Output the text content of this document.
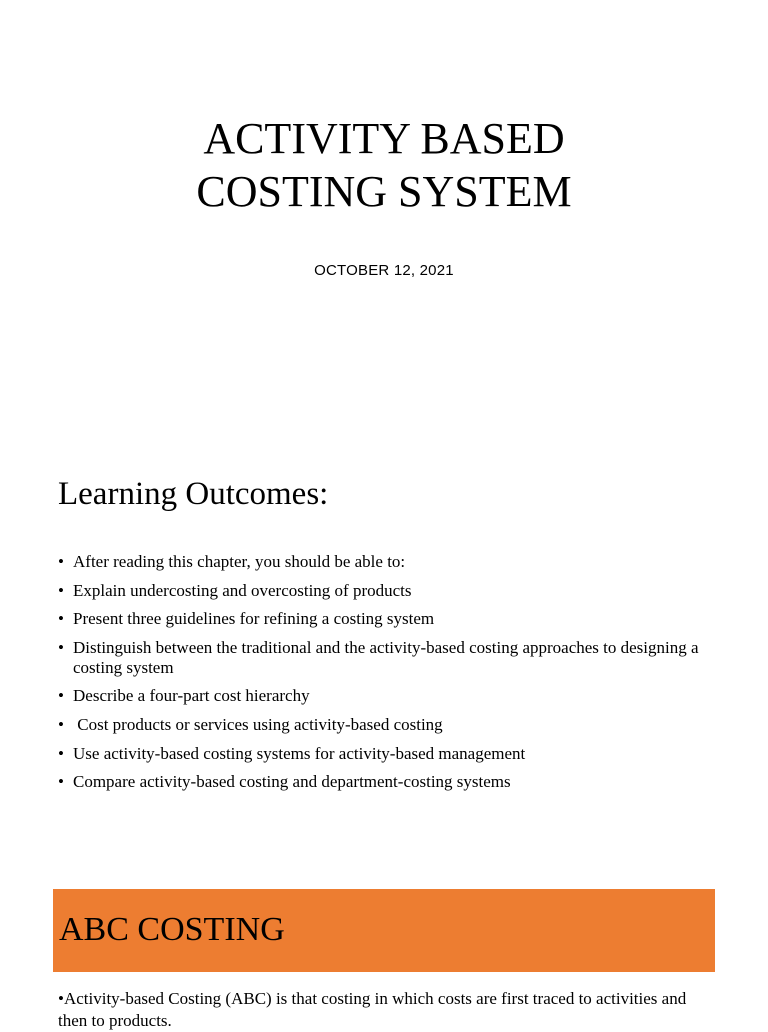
ACTIVITY BASED
COSTING SYSTEM
OCTOBER 12, 2021
Learning Outcomes:
• After reading this chapter, you should be able to:
• Explain undercosting and overcosting of products
• Present three guidelines for refining a costing system
• Distinguish between the traditional and the activity-based costing approaches to designing a costing system
• Describe a four-part cost hierarchy
•  Cost products or services using activity-based costing
• Use activity-based costing systems for activity-based management
• Compare activity-based costing and department-costing systems
ABC COSTING

•Activity-based Costing (ABC) is that costing in which costs are first traced to activities and then to products.
